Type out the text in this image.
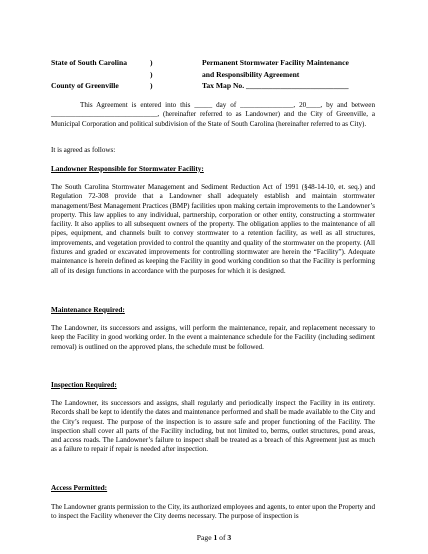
State of South Carolina	)
)
County of Greenville	)
Permanent Stormwater Facility Maintenance
and Responsibility Agreement
Tax Map No. ___________________________
This Agreement is entered into this _____ day of _______________, 20____, by and between ______________________________, (hereinafter referred to as Landowner) and the City of Greenville, a Municipal Corporation and political subdivision of the State of South Carolina (hereinafter referred to as City).
It is agreed as follows:
Landowner Responsible for Stormwater Facility:
The South Carolina Stormwater Management and Sediment Reduction Act of 1991 (§48-14-10, et. seq.) and Regulation 72-308 provide that a Landowner shall adequately establish and maintain stormwater management/Best Management Practices (BMP) facilities upon making certain improvements to the Landowner’s property. This law applies to any individual, partnership, corporation or other entity, constructing a stormwater facility. It also applies to all subsequent owners of the property. The obligation applies to the maintenance of all pipes, equipment, and channels built to convey stormwater to a retention facility, as well as all structures, improvements, and vegetation provided to control the quantity and quality of the stormwater on the property. (All fixtures and graded or excavated improvements for controlling stormwater are herein the “Facility”). Adequate maintenance is herein defined as keeping the Facility in good working condition so that the Facility is performing all of its design functions in accordance with the purposes for which it is designed.
Maintenance Required:
The Landowner, its successors and assigns, will perform the maintenance, repair, and replacement necessary to keep the Facility in good working order. In the event a maintenance schedule for the Facility (including sediment removal) is outlined on the approved plans, the schedule must be followed.
Inspection Required:
The Landowner, its successors and assigns, shall regularly and periodically inspect the Facility in its entirety. Records shall be kept to identify the dates and maintenance performed and shall be made available to the City and the City’s request. The purpose of the inspection is to assure safe and proper functioning of the Facility. The inspection shall cover all parts of the Facility including, but not limited to, berms, outlet structures, pond areas, and access roads. The Landowner’s failure to inspect shall be treated as a breach of this Agreement just as much as a failure to repair if repair is needed after inspection.
Access Permitted:
The Landowner grants permission to the City, its authorized employees and agents, to enter upon the Property and to inspect the Facility whenever the City deems necessary. The purpose of inspection is
Page 1 of 3
